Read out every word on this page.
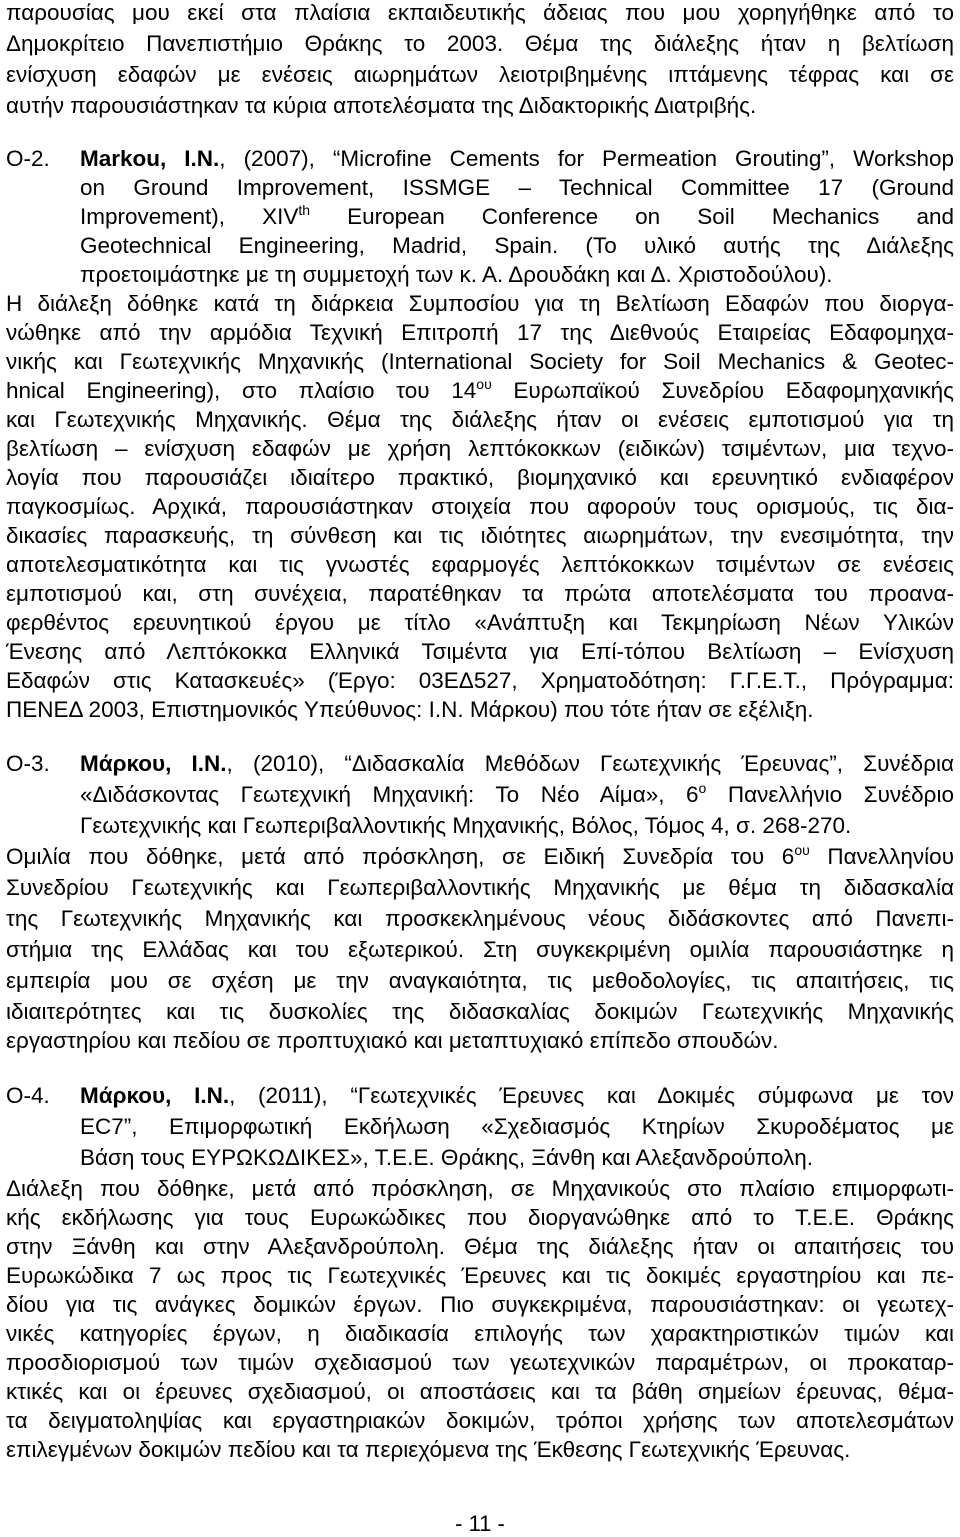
παρουσίας μου εκεί στα πλαίσια εκπαιδευτικής άδειας που μου χορηγήθηκε από το
Δημοκρίτειο Πανεπιστήμιο Θράκης το 2003. Θέμα της διάλεξης ήταν η βελτίωση
ενίσχυση εδαφών με ενέσεις αιωρημάτων λειοτριβημένης ιπτάμενης τέφρας και σε
αυτήν παρουσιάστηκαν τα κύρια αποτελέσματα της Διδακτορικής Διατριβής.
Ο-2.	Markou, I.N., (2007), “Microfine Cements for Permeation Grouting”, Workshop
on Ground Improvement, ISSMGE – Technical Committee 17 (Ground
Improvement), XIVth European Conference on Soil Mechanics and
Geotechnical Engineering, Madrid, Spain. (Το υλικό αυτής της Διάλεξης
προετοιμάστηκε με τη συμμετοχή των κ. Α. Δρουδάκη και Δ. Χριστοδούλου).
Η διάλεξη δόθηκε κατά τη διάρκεια Συμποσίου για τη Βελτίωση Εδαφών που διοργα-
νώθηκε από την αρμόδια Τεχνική Επιτροπή 17 της Διεθνούς Εταιρείας Εδαφομηχα-
νικής και Γεωτεχνικής Μηχανικής (International Society for Soil Mechanics & Geotec-
hnical Engineering), στο πλαίσιο του $14^{o\upsilon}$ Ευρωπαϊκού Συνεδρίου Εδαφομηχανικής
και Γεωτεχνικής Μηχανικής. Θέμα της διάλεξης ήταν οι ενέσεις εμποτισμού για τη
βελτίωση – ενίσχυση εδαφών με χρήση λεπτόκοκκων (ειδικών) τσιμέντων, μια τεχνο-
λογία που παρουσιάζει ιδιαίτερο πρακτικό, βιομηχανικό και ερευνητικό ενδιαφέρον
παγκοσμίως. Αρχικά, παρουσιάστηκαν στοιχεία που αφορούν τους ορισμούς, τις δια-
δικασίες παρασκευής, τη σύνθεση και τις ιδιότητες αιωρημάτων, την ενεσιμότητα, την
αποτελεσματικότητα και τις γνωστές εφαρμογές λεπτόκοκκων τσιμέντων σε ενέσεις
εμποτισμού και, στη συνέχεια, παρατέθηκαν τα πρώτα αποτελέσματα του προανα-
φερθέντος ερευνητικού έργου με τίτλο «Ανάπτυξη και Τεκμηρίωση Νέων Υλικών
Ένεσης από Λεπτόκοκκα Ελληνικά Τσιμέντα για Επί-τόπου Βελτίωση – Ενίσχυση
Εδαφών στις Κατασκευές» (Έργο: 03ΕΔ527, Χρηματοδότηση: Γ.Γ.Ε.Τ., Πρόγραμμα:
ΠΕΝΕΔ 2003, Επιστημονικός Υπεύθυνος: Ι.Ν. Μάρκου) που τότε ήταν σε εξέλιξη.
Ο-3.	Μάρκου, Ι.Ν., (2010), “Διδασκαλία Μεθόδων Γεωτεχνικής Έρευνας”, Συνέδρια
«Διδάσκοντας Γεωτεχνική Μηχανική: Το Νέο Αίμα», $6^o$ Πανελλήνιο Συνέδριο
Γεωτεχνικής και Γεωπεριβαλλοντικής Μηχανικής, Βόλος, Τόμος 4, σ. 268-270.
Ομιλία που δόθηκε, μετά από πρόσκληση, σε Ειδική Συνεδρία του $6^{o\upsilon}$ Πανελληνίου
Συνεδρίου Γεωτεχνικής και Γεωπεριβαλλοντικής Μηχανικής με θέμα τη διδασκαλία
της Γεωτεχνικής Μηχανικής και προσκεκλημένους νέους διδάσκοντες από Πανεπι-
στήμια της Ελλάδας και του εξωτερικού. Στη συγκεκριμένη ομιλία παρουσιάστηκε η
εμπειρία μου σε σχέση με την αναγκαιότητα, τις μεθοδολογίες, τις απαιτήσεις, τις
ιδιαιτερότητες και τις δυσκολίες της διδασκαλίας δοκιμών Γεωτεχνικής Μηχανικής
εργαστηρίου και πεδίου σε προπτυχιακό και μεταπτυχιακό επίπεδο σπουδών.
Ο-4.	Μάρκου, Ι.Ν., (2011), “Γεωτεχνικές Έρευνες και Δοκιμές σύμφωνα με τον
EC7”, Επιμορφωτική Εκδήλωση «Σχεδιασμός Κτηρίων Σκυροδέματος με
Βάση τους ΕΥΡΩΚΩΔΙΚΕΣ», Τ.Ε.Ε. Θράκης, Ξάνθη και Αλεξανδρούπολη.
Διάλεξη που δόθηκε, μετά από πρόσκληση, σε Μηχανικούς στο πλαίσιο επιμορφωτι-
κής εκδήλωσης για τους Ευρωκώδικες που διοργανώθηκε από το Τ.Ε.Ε. Θράκης
στην Ξάνθη και στην Αλεξανδρούπολη. Θέμα της διάλεξης ήταν οι απαιτήσεις του
Ευρωκώδικα 7 ως προς τις Γεωτεχνικές Έρευνες και τις δοκιμές εργαστηρίου και πε-
δίου για τις ανάγκες δομικών έργων. Πιο συγκεκριμένα, παρουσιάστηκαν: οι γεωτεχ-
νικές κατηγορίες έργων, η διαδικασία επιλογής των χαρακτηριστικών τιμών και
προσδιορισμού των τιμών σχεδιασμού των γεωτεχνικών παραμέτρων, οι προκαταρ-
κτικές και οι έρευνες σχεδιασμού, οι αποστάσεις και τα βάθη σημείων έρευνας, θέμα-
τα δειγματοληψίας και εργαστηριακών δοκιμών, τρόποι χρήσης των αποτελεσμάτων
επιλεγμένων δοκιμών πεδίου και τα περιεχόμενα της Έκθεσης Γεωτεχνικής Έρευνας.
- 11 -
